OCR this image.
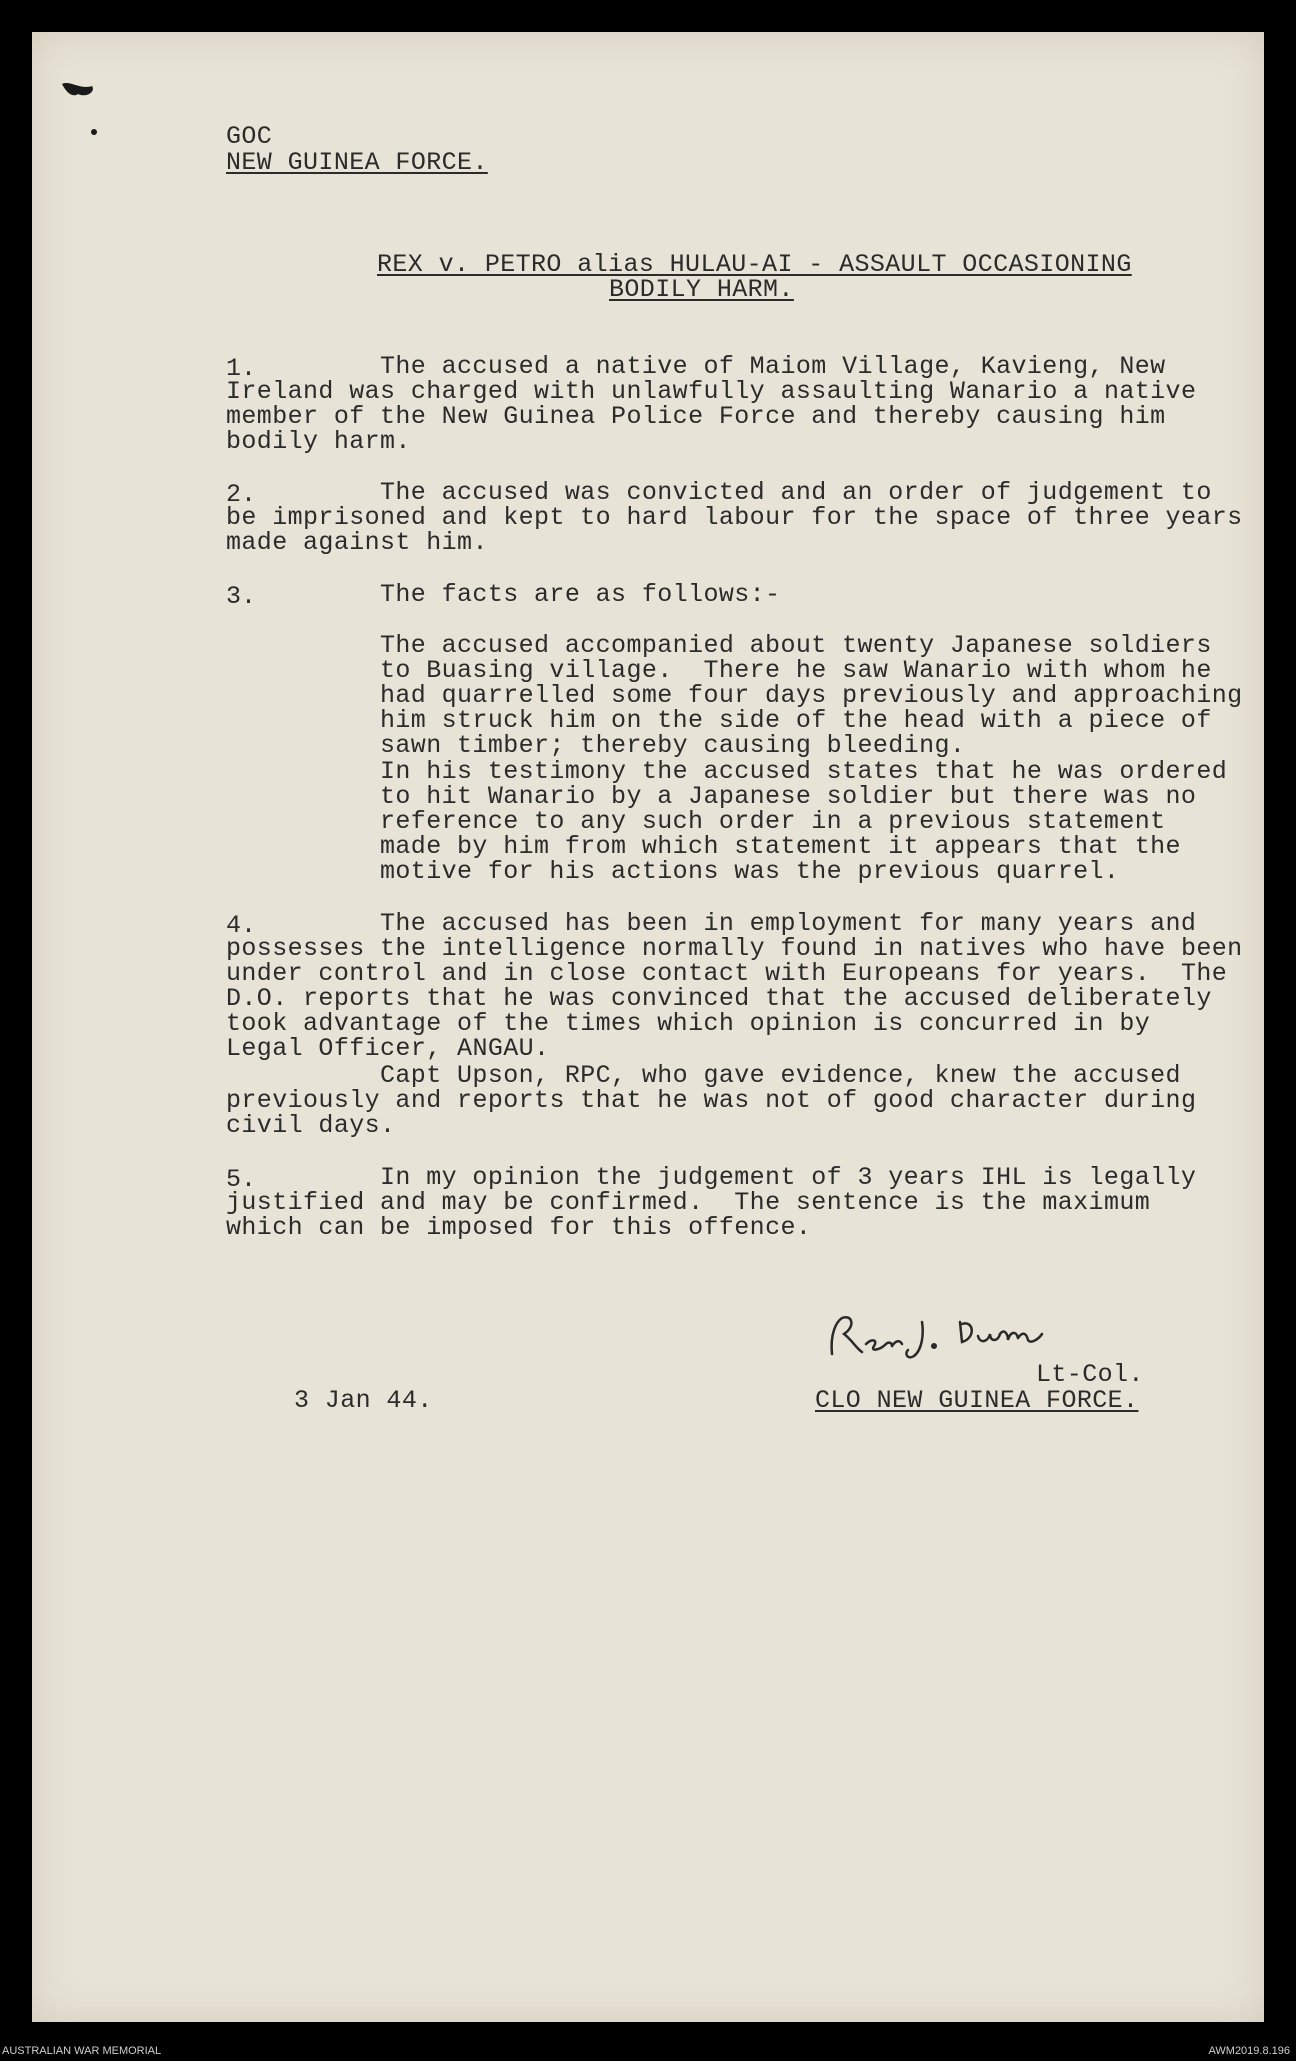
GOC
NEW GUINEA FORCE.
REX v. PETRO alias HULAU-AI - ASSAULT OCCASIONING
BODILY HARM.
1.	The accused a native of Maiom Village, Kavieng, New
Ireland was charged with unlawfully assaulting Wanario a native
member of the New Guinea Police Force and thereby causing him
bodily harm.
2.	The accused was convicted and an order of judgement to
be imprisoned and kept to hard labour for the space of three years
made against him.
3.	The facts are as follows:-
The accused accompanied about twenty Japanese soldiers
to Buasing village.  There he saw Wanario with whom he
had quarrelled some four days previously and approaching
him struck him on the side of the head with a piece of
sawn timber; thereby causing bleeding.
In his testimony the accused states that he was ordered
to hit Wanario by a Japanese soldier but there was no
reference to any such order in a previous statement
made by him from which statement it appears that the
motive for his actions was the previous quarrel.
4.	The accused has been in employment for many years and
possesses the intelligence normally found in natives who have been
under control and in close contact with Europeans for years.  The
D.O. reports that he was convinced that the accused deliberately
took advantage of the times which opinion is concurred in by
Legal Officer, ANGAU.
Capt Upson, RPC, who gave evidence, knew the accused
previously and reports that he was not of good character during
civil days.
5.	In my opinion the judgement of 3 years IHL is legally
justified and may be confirmed.  The sentence is the maximum
which can be imposed for this offence.
3 Jan 44.
Lt-Col.
CLO NEW GUINEA FORCE.
AUSTRALIAN WAR MEMORIAL	AWM2019.8.196
